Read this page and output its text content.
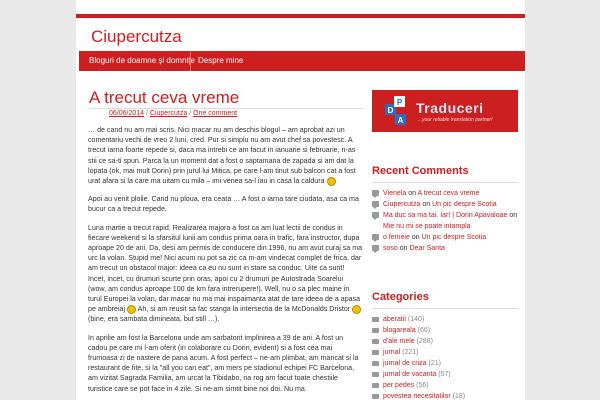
Ciupercutza
Bloguri de doamne și domnițe Despre mine
A trecut ceva vreme
06/06/2014 / Ciupercutza / One comment

… de cand nu am mai scris. Nici macar nu am deschis blogul – am aprobat azi un comentariu vechi de vreo 2 luni, cred. Pur si simplu nu am avut chef sa povestesc. A trecut iarna foarte repede si, daca ma intrebi ce am facut in ianuarie si februarie, n-as stii ce sa-ti spun. Parca la un moment dat a fost o saptamana de zapada si am dat la lopata (ok, mai mult Dorin) prin jurul lui Mitica, pe care l-am tinut sub balcon cat a fost urat afara si la care ma uitam cu mila – imi venea sa-l iau in casa la caldura

Apoi au venit ploile. Cand nu ploua, era ceata … A fost o iarna tare ciudata, asa ca ma bucur ca a trecut repede.

Luna martie a trecut rapid. Realizarea majora a fost ca am luat lectii de condus in fiecare weekend si la sfarsitul lunii am condus prima oara in trafic, fara instructor, dupa aproape 20 de ani. Da, desi am permis de conducere din 1996, nu am avut curaj sa ma urc la volan. Stupid me! Nici acum nu pot sa zic ca m-am vindecat complet de frica, dar am trecut un obstacol major: ideea ca eu nu sunt in stare sa conduc. Uite ca sunt! Incet, incet, cu drumuri scurte prin oras, apoi cu 2 drumuri pe Autostrada Soarelui (wow, am condus aproape 100 de km fara intrerupere!). Well, nu o sa plec maine in turul Europei la volan, dar macar nu ma mai inspaimanta atat de tare ideea de a apasa pe ambreiaj Ah, si am reusit sa fac stanga la intersectia de la McDonalds Dristor  (bine, era sambata dimineata, but still …).

In aprilie am fost la Barcelona unde am sarbatorit implinirea a 39 de ani. A fost un cadou pe care mi l-am oferit (in colaborare cu Dorin, evident) si a fost cea mai frumoasa zi de nastere de pana acum. A fost perfect – ne-am plimbat, am mancat si la restaurant de fite, si la "all you can eat", am mers pe stadionul echipei FC Barcelona, am vizitat Sagrada Familia, am urcat la Tibidabo, na rog am facut toate chestiile turistice care se pot face in 4 zile. Si ne-am simtit bine noi doi. Nu ma

D
P
A
Traduceri
...your reliable translation partner!
Recent Comments
Vienela on A trecut ceva vreme
Ciupercutza on Un pic despre Scotia
Ma duc sa ma tai. Iar! | Dorin Apavaloae on Mie nu mi se poate intampla
o femeie on Un pic despre Scotia
soso on Dear Santa
Categories
aberatii (140)
blogareala (66)
d'ale mele (288)
jurnal (221)
jurnal de criza (21)
jurnal de vacanta (57)
per pedes (56)
povestea necesitatilor (18)
